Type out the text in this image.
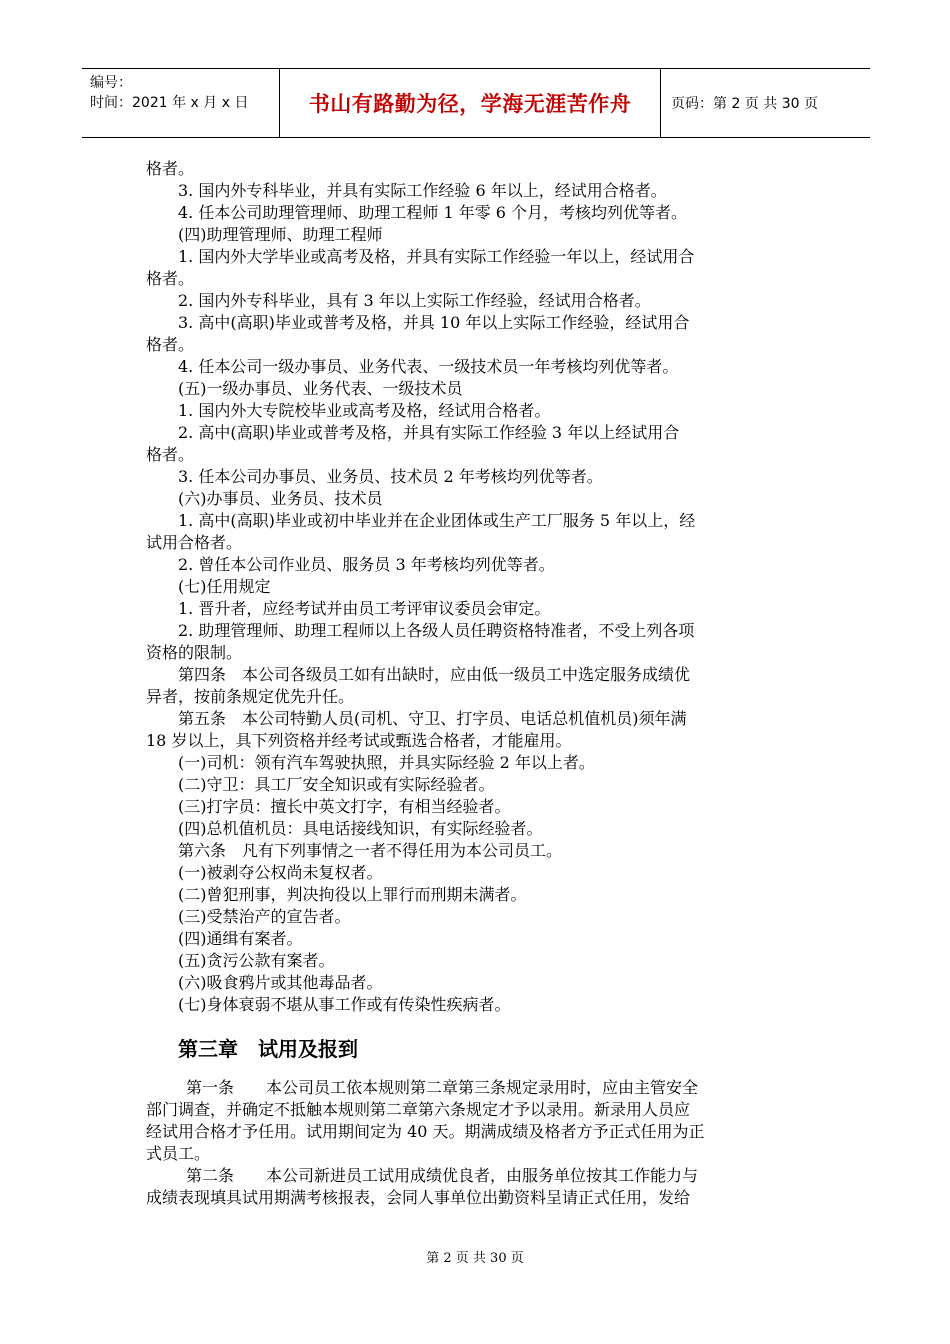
编号：
时间：2021 年 x 月 x 日	书山有路勤为径，学海无涯苦作舟	页码：第 2 页 共 30 页
格者。
3. 国内外专科毕业，并具有实际工作经验 6 年以上，经试用合格者。
4. 任本公司助理管理师、助理工程师 1 年零 6 个月，考核均列优等者。
(四)助理管理师、助理工程师
1. 国内外大学毕业或高考及格，并具有实际工作经验一年以上，经试用合
格者。
2. 国内外专科毕业，具有 3 年以上实际工作经验，经试用合格者。
3. 高中(高职)毕业或普考及格，并具 10 年以上实际工作经验，经试用合
格者。
4. 任本公司一级办事员、业务代表、一级技术员一年考核均列优等者。
(五)一级办事员、业务代表、一级技术员
1. 国内外大专院校毕业或高考及格，经试用合格者。
2. 高中(高职)毕业或普考及格，并具有实际工作经验 3 年以上经试用合
格者。
3. 任本公司办事员、业务员、技术员 2 年考核均列优等者。
(六)办事员、业务员、技术员
1. 高中(高职)毕业或初中毕业并在企业团体或生产工厂服务 5 年以上，经
试用合格者。
2. 曾任本公司作业员、服务员 3 年考核均列优等者。
(七)任用规定
1. 晋升者，应经考试并由员工考评审议委员会审定。
2. 助理管理师、助理工程师以上各级人员任聘资格特准者，不受上列各项
资格的限制。
第四条　本公司各级员工如有出缺时，应由低一级员工中选定服务成绩优
异者，按前条规定优先升任。
第五条　本公司特勤人员(司机、守卫、打字员、电话总机值机员)须年满
18 岁以上，具下列资格并经考试或甄选合格者，才能雇用。
(一)司机：领有汽车驾驶执照，并具实际经验 2 年以上者。
(二)守卫：具工厂安全知识或有实际经验者。
(三)打字员：擅长中英文打字，有相当经验者。
(四)总机值机员：具电话接线知识，有实际经验者。
第六条　凡有下列事情之一者不得任用为本公司员工。
(一)被剥夺公权尚未复权者。
(二)曾犯刑事，判决拘役以上罪行而刑期未满者。
(三)受禁治产的宣告者。
(四)通缉有案者。
(五)贪污公款有案者。
(六)吸食鸦片或其他毒品者。
(七)身体衰弱不堪从事工作或有传染性疾病者。
第三章　试用及报到
第一条　　本公司员工依本规则第二章第三条规定录用时，应由主管安全
部门调查，并确定不抵触本规则第二章第六条规定才予以录用。新录用人员应
经试用合格才予任用。试用期间定为 40 天。期满成绩及格者方予正式任用为正
式员工。
第二条　　本公司新进员工试用成绩优良者，由服务单位按其工作能力与
成绩表现填具试用期满考核报表，会同人事单位出勤资料呈请正式任用，发给
第 2 页 共 30 页
